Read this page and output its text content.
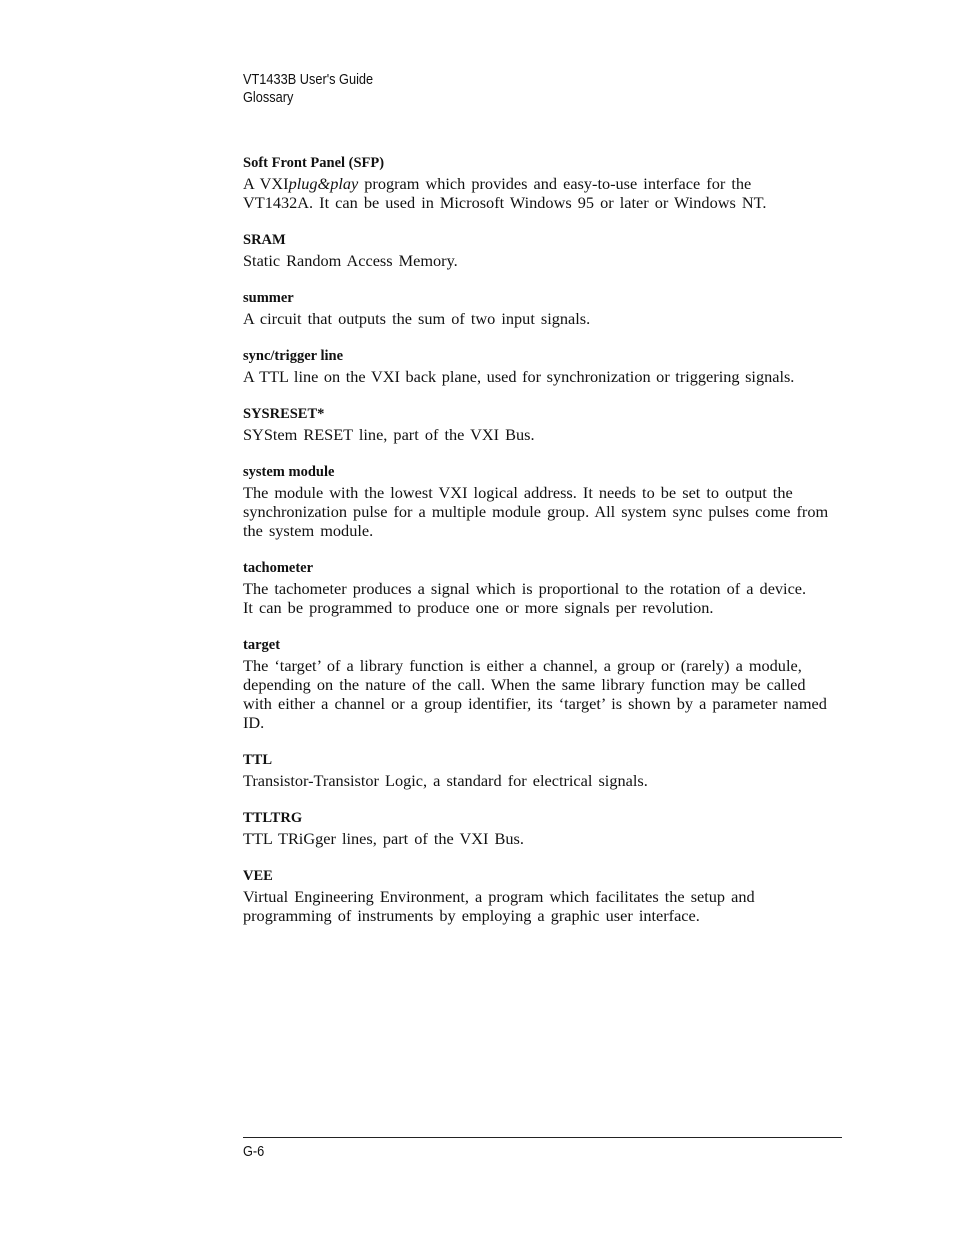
VT1433B User's Guide
Glossary
Soft Front Panel (SFP)

A VXIplug&play program which provides and easy-to-use interface for the VT1432A. It can be used in Microsoft Windows 95 or later or Windows NT.

SRAM

Static Random Access Memory.

summer

A circuit that outputs the sum of two input signals.

sync/trigger line

A TTL line on the VXI back plane, used for synchronization or triggering signals.

SYSRESET*

SYStem RESET line, part of the VXI Bus.

system module

The module with the lowest VXI logical address. It needs to be set to output the synchronization pulse for a multiple module group. All system sync pulses come from the system module.

tachometer

The tachometer produces a signal which is proportional to the rotation of a device. It can be programmed to produce one or more signals per revolution.

target

The ‘target’ of a library function is either a channel, a group or (rarely) a module, depending on the nature of the call. When the same library function may be called with either a channel or a group identifier, its ‘target’ is shown by a parameter named ID.

TTL

Transistor-Transistor Logic, a standard for electrical signals.

TTLTRG

TTL TRiGger lines, part of the VXI Bus.

VEE

Virtual Engineering Environment, a program which facilitates the setup and programming of instruments by employing a graphic user interface.

G-6
